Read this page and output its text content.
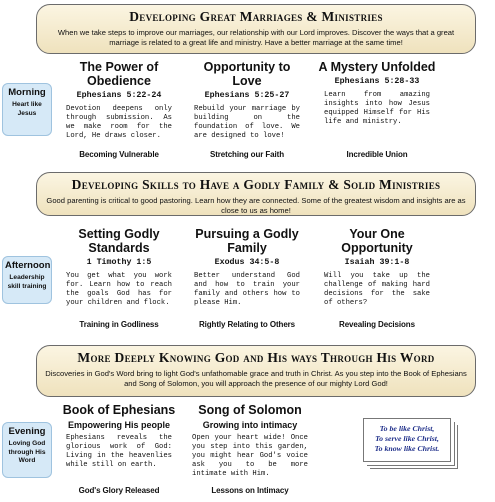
Developing Great Marriages & Ministries
When we take steps to improve our marriages, our relationship with our Lord improves. Discover the ways that a great marriage is related to a great life and ministry. Have a better marriage at the same time!
Morning
Heart like Jesus
The Power of Obedience
Ephesians 5:22-24
Devotion deepens only through submission. As we make room for the Lord, He draws closer.
Opportunity to Love
Ephesians 5:25-27
Rebuild your marriage by building on the foundation of love. We are designed to love!
A Mystery Unfolded
Ephesians 5:28-33
Learn from amazing insights into how Jesus equipped Himself for His life and ministry.
Becoming Vulnerable	Stretching our Faith	Incredible Union
Developing Skills to Have a Godly Family & Solid Ministries
Good parenting is critical to good pastoring. Learn how they are connected. Some of the greatest wisdom and insights are as close to us as home!
Afternoon
Leadership skill training
Setting Godly Standards
1 Timothy 1:5
You get what you work for. Learn how to reach the goals God has for your children and flock.
Pursuing a Godly Family
Exodus 34:5-8
Better understand God and how to train your family and others how to please Him.
Your One Opportunity
Isaiah 39:1-8
Will you take up the challenge of making hard decisions for the sake of others?
Training in Godliness	Rightly Relating to Others	Revealing Decisions
More Deeply Knowing God and His ways Through His Word
Discoveries in God's Word bring to light God's unfathomable grace and truth in Christ. As you step into the Book of Ephesians and Song of Solomon, you will approach the presence of our mighty Lord God!
Evening
Loving God through His Word
Book of Ephesians
Empowering His people
Ephesians reveals the glorious work of God: Living in the heavenlies while still on earth.
Song of Solomon
Growing into intimacy
Open your heart wide! Once you step into this garden, you might hear God's voice ask you to be more intimate with Him.
God's Glory Released	Lessons on Intimacy
To be like Christ,
To serve like Christ,
To know like Christ.
